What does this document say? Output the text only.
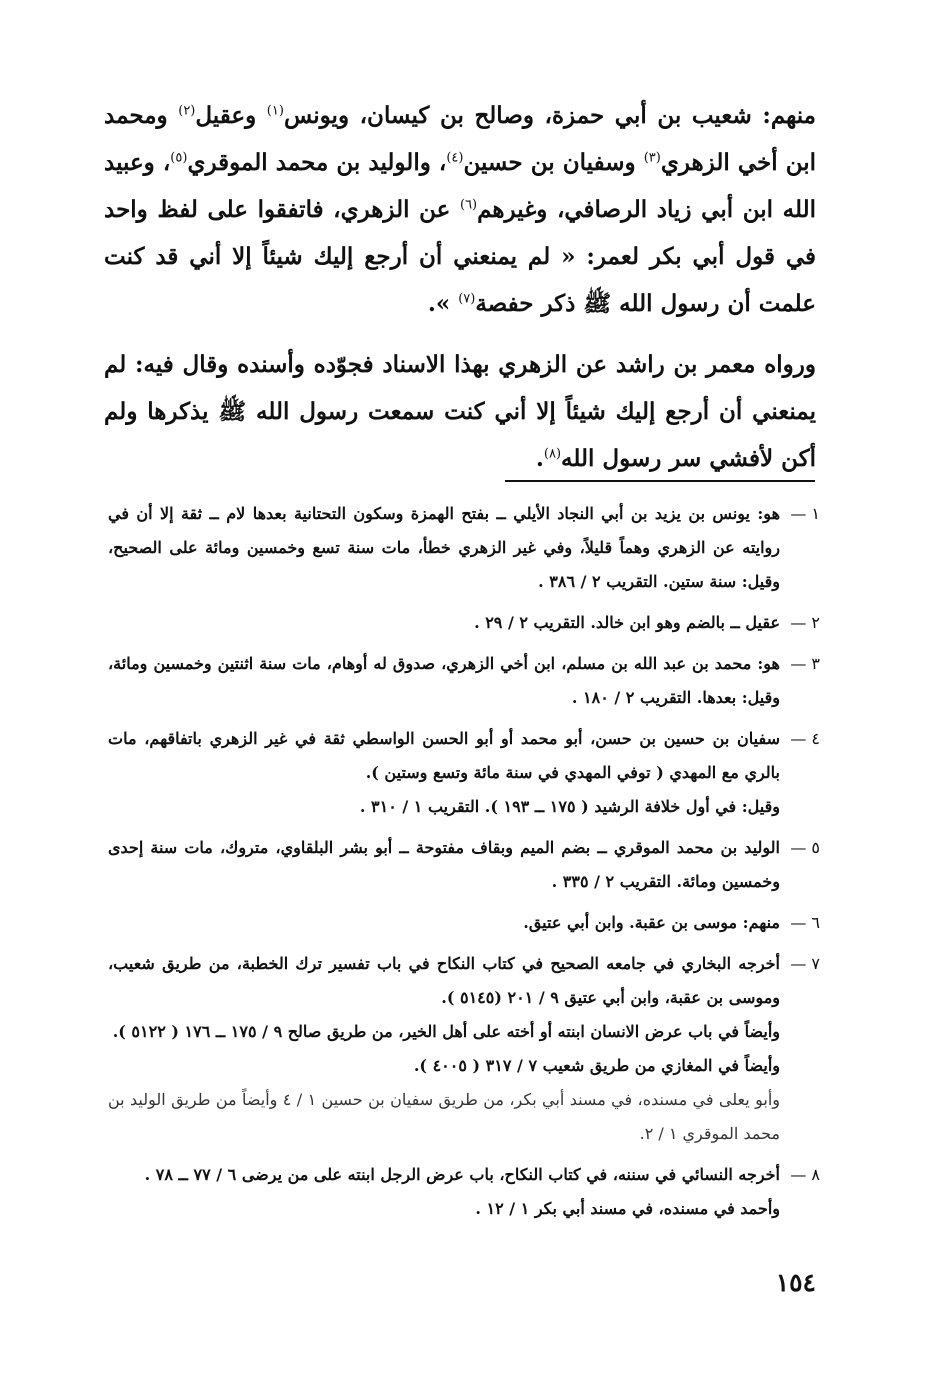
منهم: شعيب بن أبي حمزة، وصالح بن كيسان، ويونس$^{(١)}$ وعقيل$^{(٢)}$ ومحمد ابن أخي الزهري$^{(٣)}$ وسفيان بن حسين$^{(٤)}$، والوليد بن محمد الموقري$^{(٥)}$، وعبيد الله ابن أبي زياد الرصافي، وغيرهم$^{(٦)}$ عن الزهري، فاتفقوا على لفظ واحد في قول أبي بكر لعمر: « لم يمنعني أن أرجع إليك شيئاً إلا أني قد كنت علمت أن رسول الله ﷺ ذكر حفصة$^{(٧)}$ ».

ورواه معمر بن راشد عن الزهري بهذا الاسناد فجوّده وأسنده وقال فيه: لم يمنعني أن أرجع إليك شيئاً إلا أني كنت سمعت رسول الله ﷺ يذكرها ولم أكن لأفشي سر رسول الله$^{(٨)}$.

١ —
هو: يونس بن يزيد بن أبي النجاد الأيلي ــ بفتح الهمزة وسكون التحتانية بعدها لام ــ ثقة إلا أن في روايته عن الزهري وهماً قليلاً، وفي غير الزهري خطأ، مات سنة تسع وخمسين ومائة على الصحيح، وقيل: سنة ستين. التقريب ٢ / ٣٨٦ .
٢ —
عقيل ــ بالضم وهو ابن خالد. التقريب ٢ / ٢٩ .
٣ —
هو: محمد بن عبد الله بن مسلم، ابن أخي الزهري، صدوق له أوهام، مات سنة اثنتين وخمسين ومائة، وقيل: بعدها. التقريب ٢ / ١٨٠ .
٤ —
سفيان بن حسين بن حسن، أبو محمد أو أبو الحسن الواسطي ثقة في غير الزهري باتفاقهم، مات بالري مع المهدي ( توفي المهدي في سنة مائة وتسع وستين ).
وقيل: في أول خلافة الرشيد ( ١٧٥ ــ ١٩٣ ). التقريب ١ / ٣١٠ .
٥ —
الوليد بن محمد الموقري ــ بضم الميم وبقاف مفتوحة ــ أبو بشر البلقاوي، متروك، مات سنة إحدى وخمسين ومائة. التقريب ٢ / ٣٣٥ .
٦ —
منهم: موسى بن عقبة. وابن أبي عتيق.
٧ —
أخرجه البخاري في جامعه الصحيح في كتاب النكاح في باب تفسير ترك الخطبة، من طريق شعيب، وموسى بن عقبة، وابن أبي عتيق ٩ / ٢٠١ (٥١٤٥ ).
وأيضاً في باب عرض الانسان ابنته أو أخته على أهل الخير، من طريق صالح ٩ / ١٧٥ ــ ١٧٦ ( ٥١٢٢ ).
وأيضاً في المغازي من طريق شعيب ٧ / ٣١٧ ( ٤٠٠٥ ).
وأبو يعلى في مسنده، في مسند أبي بكر، من طريق سفيان بن حسين ١ / ٤ وأيضاً من طريق الوليد بن محمد الموقري ١ / ٢.
٨ —
أخرجه النسائي في سننه، في كتاب النكاح، باب عرض الرجل ابنته على من يرضى ٦ / ٧٧ ــ ٧٨ .
وأحمد في مسنده، في مسند أبي بكر ١ / ١٢ .
١٥٤
